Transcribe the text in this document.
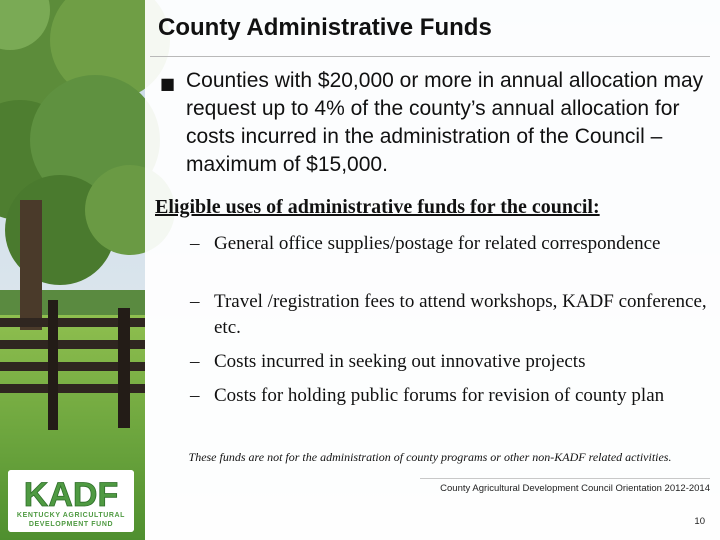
County Administrative Funds
■ Counties with $20,000 or more in annual allocation may request up to 4% of the county’s annual allocation for costs incurred in the administration of the Council – maximum of $15,000.
Eligible uses of administrative funds for the council:
– General office supplies/postage for related correspondence
– Travel /registration fees to attend workshops, KADF conference, etc.
– Costs incurred in seeking out innovative projects
– Costs for holding public forums for revision of county plan
These funds are not for the administration of county programs or other non-KADF related activities.
County Agricultural Development Council Orientation 2012-2014
10
KADF
KENTUCKY AGRICULTURAL
DEVELOPMENT FUND
